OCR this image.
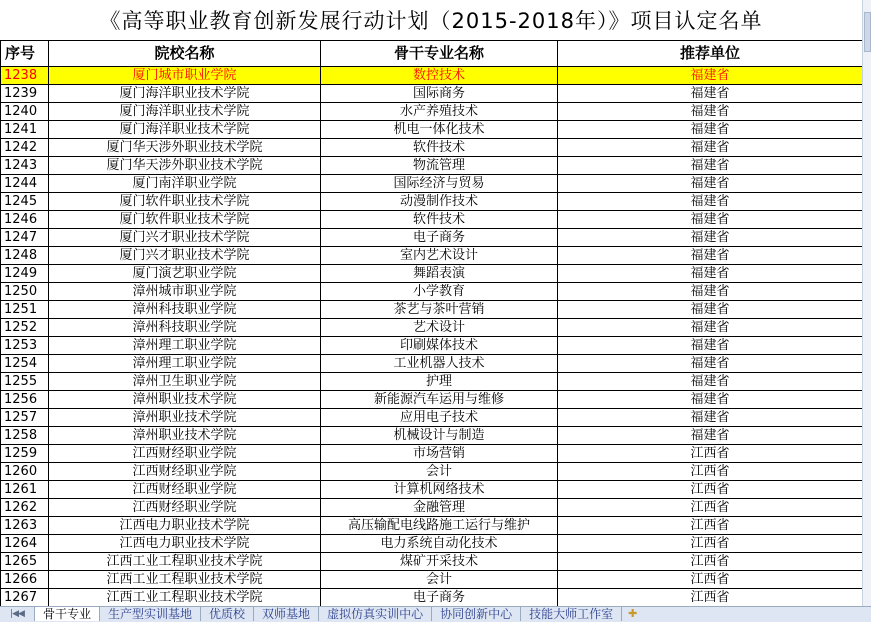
《高等职业教育创新发展行动计划（2015-2018年）》项目认定名单
序号	院校名称	骨干专业名称	推荐单位
1238	厦门城市职业学院	数控技术	福建省
1239	厦门海洋职业技术学院	国际商务	福建省
1240	厦门海洋职业技术学院	水产养殖技术	福建省
1241	厦门海洋职业技术学院	机电一体化技术	福建省
1242	厦门华天涉外职业技术学院	软件技术	福建省
1243	厦门华天涉外职业技术学院	物流管理	福建省
1244	厦门南洋职业学院	国际经济与贸易	福建省
1245	厦门软件职业技术学院	动漫制作技术	福建省
1246	厦门软件职业技术学院	软件技术	福建省
1247	厦门兴才职业技术学院	电子商务	福建省
1248	厦门兴才职业技术学院	室内艺术设计	福建省
1249	厦门演艺职业学院	舞蹈表演	福建省
1250	漳州城市职业学院	小学教育	福建省
1251	漳州科技职业学院	茶艺与茶叶营销	福建省
1252	漳州科技职业学院	艺术设计	福建省
1253	漳州理工职业学院	印刷媒体技术	福建省
1254	漳州理工职业学院	工业机器人技术	福建省
1255	漳州卫生职业学院	护理	福建省
1256	漳州职业技术学院	新能源汽车运用与维修	福建省
1257	漳州职业技术学院	应用电子技术	福建省
1258	漳州职业技术学院	机械设计与制造	福建省
1259	江西财经职业学院	市场营销	江西省
1260	江西财经职业学院	会计	江西省
1261	江西财经职业学院	计算机网络技术	江西省
1262	江西财经职业学院	金融管理	江西省
1263	江西电力职业技术学院	高压输配电线路施工运行与维护	江西省
1264	江西电力职业技术学院	电力系统自动化技术	江西省
1265	江西工业工程职业技术学院	煤矿开采技术	江西省
1266	江西工业工程职业技术学院	会计	江西省
1267	江西工业工程职业技术学院	电子商务	江西省
|◀ ◀	骨干专业	生产型实训基地	优质校	双师基地	虚拟仿真实训中心	协同创新中心	技能大师工作室	✚
